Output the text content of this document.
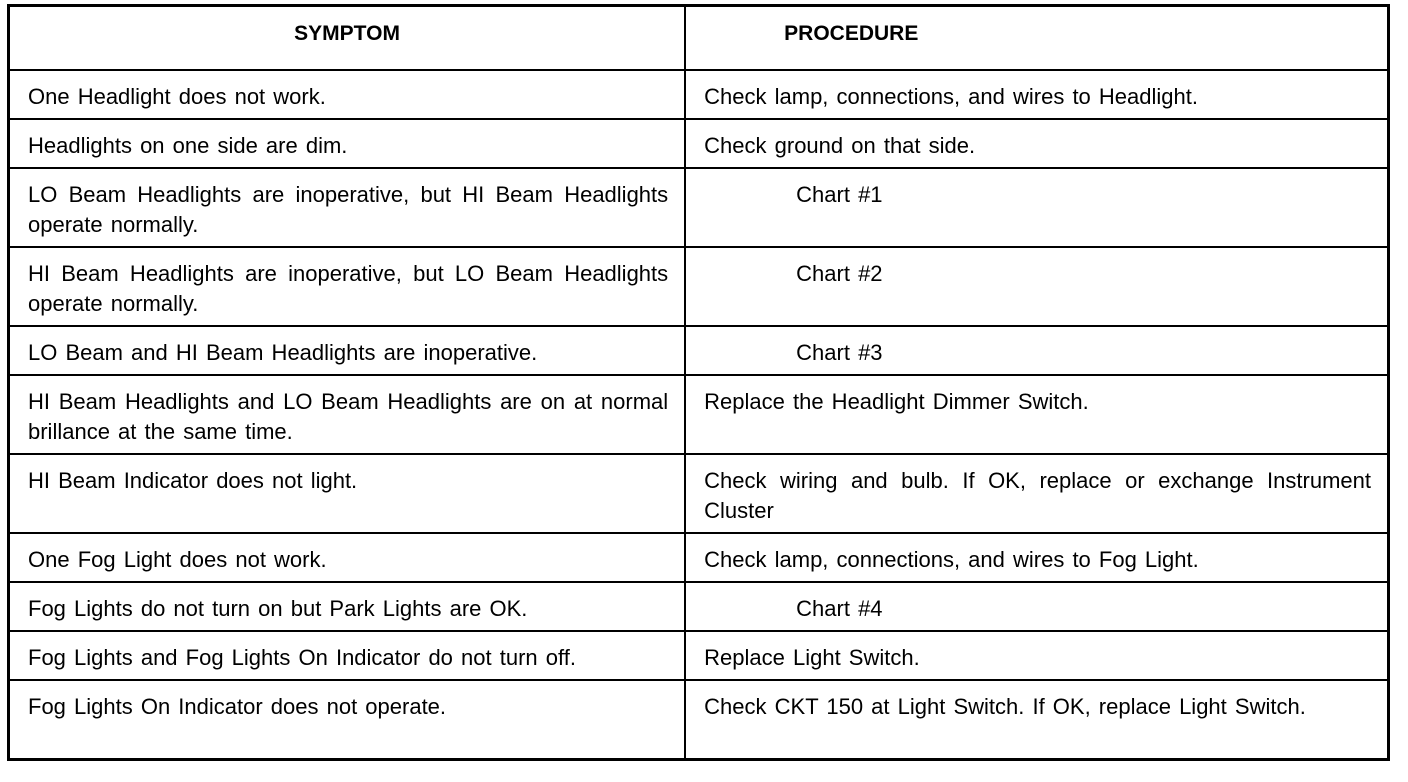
SYMPTOM	PROCEDURE
One Headlight does not work.	Check lamp, connections, and wires to Headlight.
Headlights on one side are dim.	Check ground on that side.
LO Beam Headlights are inoperative, but HI Beam Headlights operate normally.	Chart #1
HI Beam Headlights are inoperative, but LO Beam Headlights operate normally.	Chart #2
LO Beam and HI Beam Headlights are inoperative.	Chart #3
HI Beam Headlights and LO Beam Headlights are on at normal brillance at the same time.	Replace the Headlight Dimmer Switch.
HI Beam Indicator does not light.	Check wiring and bulb. If OK, replace or exchange Instrument Cluster
One Fog Light does not work.	Check lamp, connections, and wires to Fog Light.
Fog Lights do not turn on but Park Lights are OK.	Chart #4
Fog Lights and Fog Lights On Indicator do not turn off.	Replace Light Switch.
Fog Lights On Indicator does not operate.	Check CKT 150 at Light Switch. If OK, replace Light Switch.
